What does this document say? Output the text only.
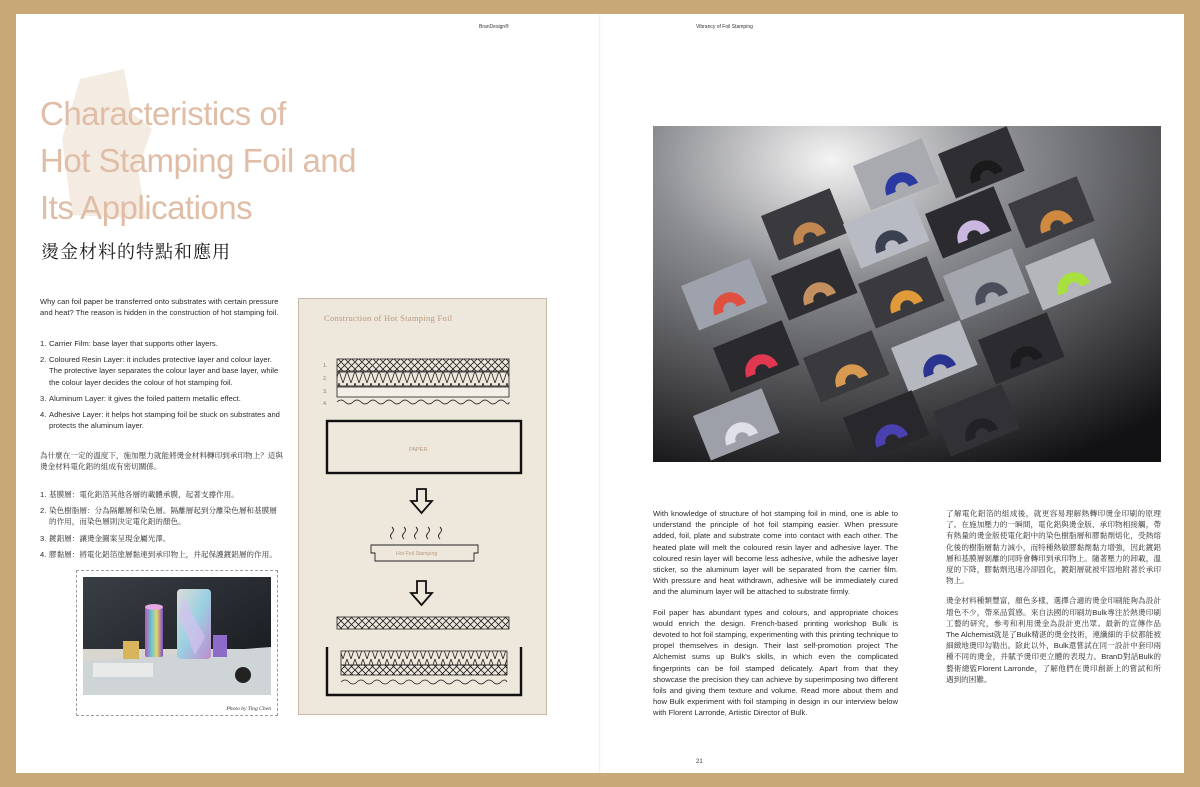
BranDesign®	Vibrancy of Foil Stamping
Characteristics of
Hot Stamping Foil and
Its Applications
燙金材料的特點和應用
Why can foil paper be transferred onto substrates with certain pressure and heat? The reason is hidden in the construction of hot stamping foil.
1. Carrier Film: base layer that supports other layers.
2. Coloured Resin Layer: it includes protective layer and colour layer. The protective layer separates the colour layer and base layer, while the colour layer decides the colour of hot stamping foil.
3. Aluminum Layer: it gives the foiled pattern metallic effect.
4. Adhesive Layer: it helps hot stamping foil be stuck on substrates and protects the aluminum layer.
為什麼在一定的溫度下，施加壓力就能將燙金材料轉印到承印物上？這與燙金材料電化鋁的組成有密切關係。
1. 基膜層：電化鋁箔其他各層的載體承膜，起著支撐作用。
2. 染色樹脂層：分為隔離層和染色層。隔離層起到分離染色層和基膜層的作用，而染色層則決定電化鋁的顏色。
3. 鍍鋁層：讓燙金圖案呈現金屬光澤。
4. 膠黏層：將電化鋁箔塗層黏連到承印物上，并起保護鍍鋁層的作用。
Photo by Ting Chen
Construction of Hot Stamping Foil
1.
2.
3.
4.
PAPER
Hot Foil Stamping

With knowledge of structure of hot stamping foil in mind, one is able to understand the principle of hot foil stamping easier. When pressure added, foil, plate and substrate come into contact with each other. The heated plate will melt the coloured resin layer and adhesive layer. The coloured resin layer will become less adhesive, while the adhesive layer sticker, so the aluminum layer will be separated from the carrier film. With pressure and heat withdrawn, adhesive will be immediately cured and the aluminum layer will be attached to substrate firmly.

Foil paper has abundant types and colours, and appropriate choices would enrich the design. French-based printing workshop Bulk is devoted to hot foil stamping, experimenting with this printing technique to propel themselves in design. Their last self-promotion project The Alchemist sums up Bulk's skills, in which even the complicated fingerprints can be foil stamped delicately. Apart from that they showcase the precision they can achieve by superimposing two different foils and giving them texture and volume. Read more about them and how Bulk experiment with foil stamping in design in our interview below with Florent Larronde, Artistic Director of Bulk.

了解電化鋁箔的組成後，就更容易理解熱轉印燙金印刷的原理了。在施加壓力的一瞬間，電化鋁與燙金版、承印物相接觸，帶有熱量的燙金版使電化鋁中的染色樹脂層和膠黏劑熔化，受熱熔化後的樹脂層黏力減小，而特種熱敏膠黏劑黏力增強，因此鍍鋁層和基膜層剝離的同時會轉印到承印物上。隨著壓力的卸載，溫度的下降，膠黏劑迅速冷卻固化，鍍鋁層就被牢固地附著於承印物上。

燙金材料種類豐富，顏色多樣，選擇合適的燙金印刷能夠為設計增色不少，帶來品質感。來自法國的印刷坊Bulk專注於熱燙印刷工藝的研究，參考和利用燙金為設計更出眾。最新的宣傳作品The Alchemist就是了Bulk精湛的燙金技術，連纖細的手紋都能被細緻地燙印勾勒出。除此以外，Bulk還嘗試在同一設計中套印兩種不同的燙金，并賦予燙印更立體的表現力。BranD對話Bulk的藝術總監Florent Larronde，了解他們在燙印創新上的嘗試和所遇到的困難。

21
